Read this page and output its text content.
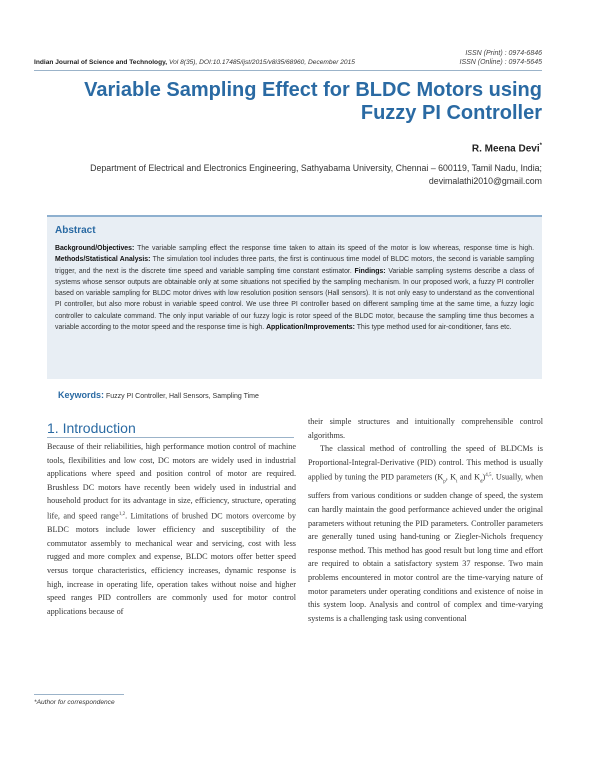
ISSN (Print) : 0974-6846
ISSN (Online) : 0974-5645
Indian Journal of Science and Technology, Vol 8(35), DOI:10.17485/ijst/2015/v8i35/68960, December 2015
Variable Sampling Effect for BLDC Motors using Fuzzy PI Controller
R. Meena Devi*
Department of Electrical and Electronics Engineering, Sathyabama University, Chennai – 600119, Tamil Nadu, India; devimalathi2010@gmail.com
Abstract
Background/Objectives: The variable sampling effect the response time taken to attain its speed of the motor is low whereas, response time is high. Methods/Statistical Analysis: The simulation tool includes three parts, the first is continuous time model of BLDC motors, the second is variable sampling trigger, and the next is the discrete time speed and variable sampling time constant estimator. Findings: Variable sampling systems describe a class of systems whose sensor outputs are obtainable only at some situations not specified by the sampling mechanism. In our proposed work, a fuzzy PI controller based on variable sampling for BLDC motor drives with low resolution position sensors (Hall sensors). It is not only easy to understand as the conventional PI controller, but also more robust in variable speed control. We use three PI controller based on different sampling time at the same time, a fuzzy logic controller to calculate command. The only input variable of our fuzzy logic is rotor speed of the BLDC motor, because the sampling time thus becomes a variable according to the motor speed and the response time is high. Application/Improvements: This type method used for air-conditioner, fans etc.
Keywords: Fuzzy PI Controller, Hall Sensors, Sampling Time
1. Introduction

Because of their reliabilities, high performance motion control of machine tools, flexibilities and low cost, DC motors are widely used in industrial applications where speed and position control of motor are required. Brushless DC motors have recently been widely used in industrial and household product for its advantage in size, efficiency, structure, operating life, and speed range$^{1,2}$. Limitations of brushed DC motors overcome by BLDC motors include lower efficiency and susceptibility of the commutator assembly to mechanical wear and servicing, cost with less rugged and more complex and expense, BLDC motors offer better speed versus torque characteristics, efficiency increases, dynamic response is high, increase in operating life, operation takes without noise and higher speed ranges PID controllers are commonly used for motor control applications because of

their simple structures and intuitionally comprehensible control algorithms.

The classical method of controlling the speed of BLDCMs is Proportional-Integral-Derivative (PID) control. This method is usually applied by tuning the PID parameters ($K_p$, $K_i$ and $K_d)^{4,5}$. Usually, when suffers from various conditions or sudden change of speed, the system can hardly maintain the good performance achieved under the original parameters without retuning the PID parameters. Controller parameters are generally tuned using hand-tuning or Ziegler-Nichols frequency response method. This method has good result but long time and effort are required to obtain a satisfactory system 37 response. Two main problems encountered in motor control are the time-varying nature of motor parameters under operating conditions and existence of noise in this system loop. Analysis and control of complex and time-varying systems is a challenging task using conventional

*Author for correspondence
